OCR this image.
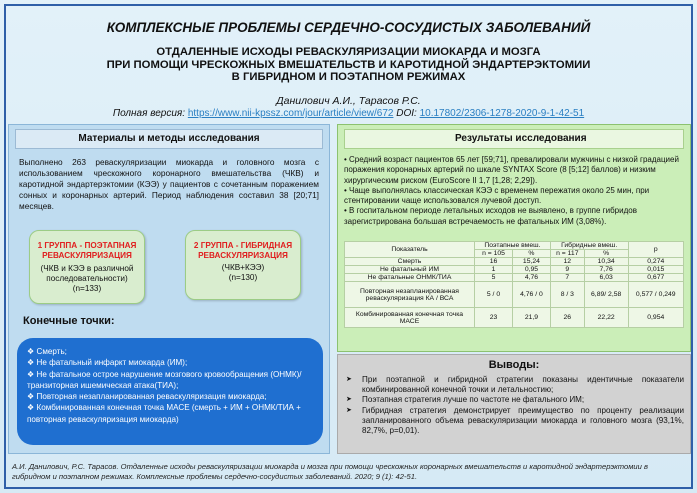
КОМПЛЕКСНЫЕ ПРОБЛЕМЫ СЕРДЕЧНО-СОСУДИСТЫХ ЗАБОЛЕВАНИЙ
ОТДАЛЕННЫЕ ИСХОДЫ РЕВАСКУЛЯРИЗАЦИИ МИОКАРДА И МОЗГА
ПРИ ПОМОЩИ ЧРЕСКОЖНЫХ ВМЕШАТЕЛЬСТВ И КАРОТИДНОЙ ЭНДАРТЕРЭКТОМИИ
В ГИБРИДНОМ И ПОЭТАПНОМ РЕЖИМАХ
Данилович А.И., Тарасов Р.С.
Полная версия: https://www.nii-kpssz.com/jour/article/view/672 DOI: 10.17802/2306-1278-2020-9-1-42-51
Материалы и методы исследования
Выполнено 263 реваскуляризации миокарда и головного мозга с использованием чрескожного коронарного вмешательства (ЧКВ) и каротидной эндартерэктомии (КЭЭ) у пациентов с сочетанным поражением сонных и коронарных артерий. Период наблюдения составил 38 [20;71] месяцев.
1 ГРУППА - ПОЭТАПНАЯ РЕВАСКУЛЯРИЗАЦИЯ
(ЧКВ и КЭЭ в различной последовательности)
(n=133)
2 ГРУППА - ГИБРИДНАЯ РЕВАСКУЛЯРИЗАЦИЯ
(ЧКВ+КЭЭ)
(n=130)
Конечные точки:
❖ Смерть;
❖ Не фатальный инфаркт миокарда (ИМ);
❖ Не фатальное острое нарушение мозгового кровообращения (ОНМК)/транзиторная ишемическая атака(ТИА);
❖ Повторная незапланированная реваскуляризация миокарда;
❖ Комбинированная конечная точка МАСЕ (смерть + ИМ + ОНМК/ТИА + повторная реваскуляризация миокарда)
Результаты исследования
• Средний возраст пациентов 65 лет [59;71], превалировали мужчины с низкой градацией поражения коронарных артерий по шкале SYNTAX Score (8 [5;12] баллов) и низким хирургическим риском (EuroScore II 1,7 [1,28; 2,29]).
• Чаще выполнялась классическая КЭЭ с временем пережатия около 25 мин, при стентировании чаще использовался лучевой доступ.
• В госпитальном периоде летальных исходов не выявлено, в группе гибридов зарегистрирована большая встречаемость не фатальных ИМ (3,08%).
Показатель	Поэтапные вмеш.		Гибридные вмеш.		р
	n = 105	%	n = 117	%	
Смерть	16	15,24	12	10,34	0,274
Не фатальный ИМ	1	0,95	9	7,76	0,015
Не фатальные ОНМК/ТИА	5	4,76	7	6,03	0,677
Повторная незапланированная реваскуляризация КА / ВСА	5 / 0	4,76 / 0	8 / 3	6,89/ 2,58	0,577 / 0,249
Комбинированная конечная точка МАСЕ	23	21,9	26	22,22	0,954
Выводы:
➤	При поэтапной и гибридной стратегии показаны идентичные показатели комбинированной конечной точки и летальностию;
➤	Поэтапная стратегия лучше по частоте не фатального ИМ;
➤	Гибридная стратегия демонстрирует преимущество по проценту реализации запланированного объема реваскуляризации миокарда и головного мозга (93,1%, 82,7%, p=0,01).
А.И. Данилович, Р.С. Тарасов. Отдаленные исходы реваскуляризации миокарда и мозга при помощи чрескожных коронарных вмешательств и каротидной эндартерэктомии в гибридном и поэтапном режимах. Комплексные проблемы сердечно-сосудистых заболеваний. 2020; 9 (1): 42-51.
